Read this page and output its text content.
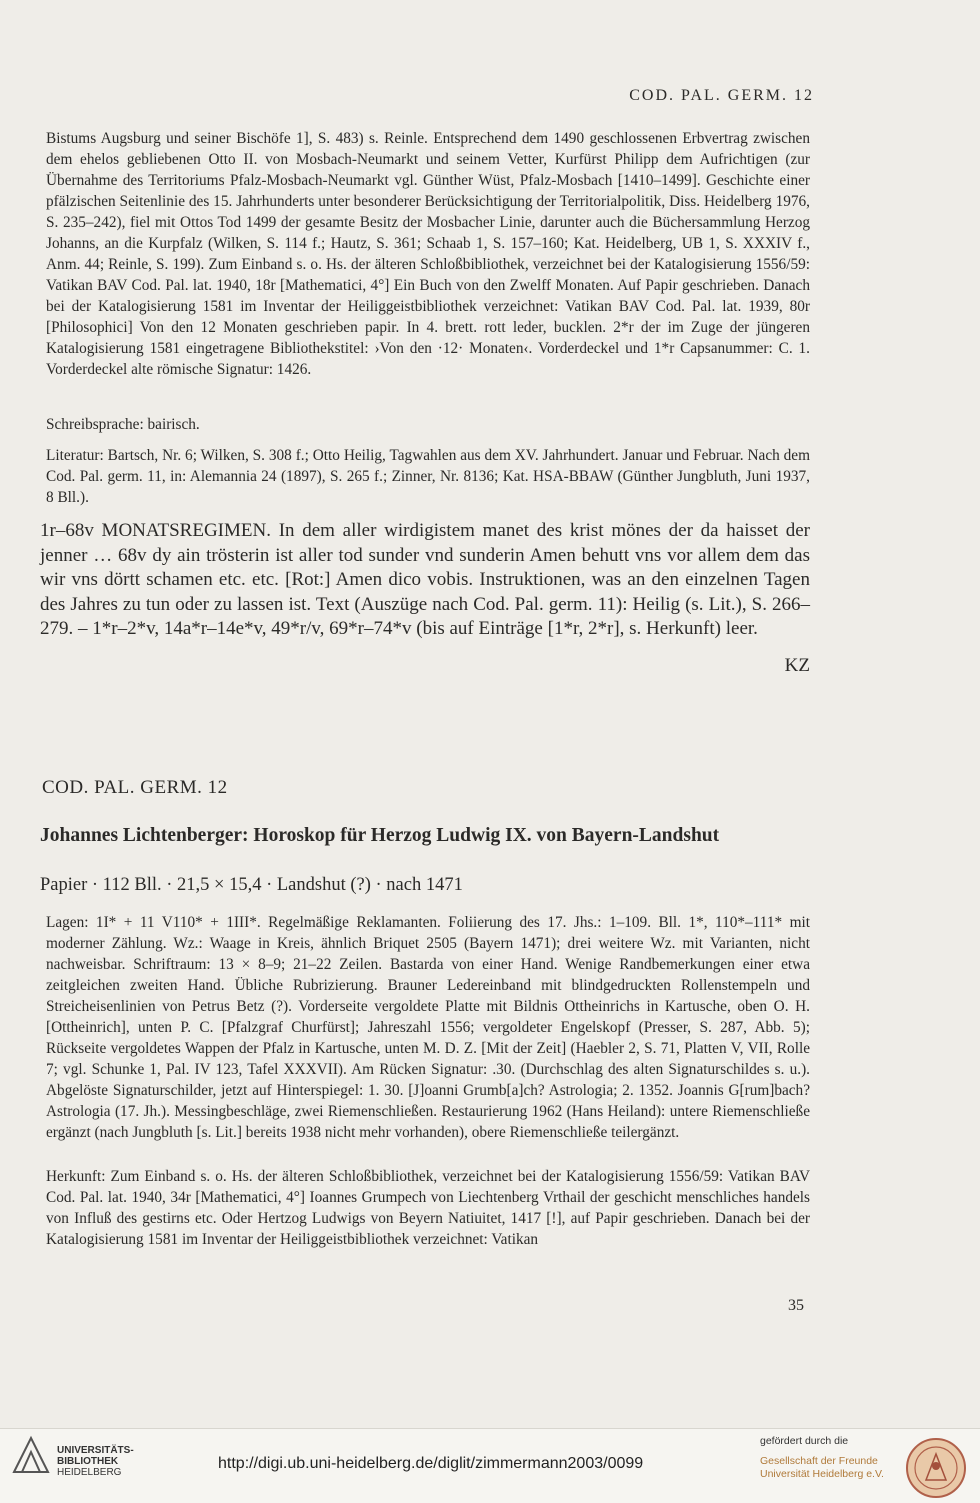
COD. PAL. GERM. 12

Bistums Augsburg und seiner Bischöfe 1], S. 483) s. Reinle. Entsprechend dem 1490 geschlossenen Erbvertrag zwischen dem ehelos gebliebenen Otto II. von Mosbach-Neumarkt und seinem Vetter, Kurfürst Philipp dem Aufrichtigen (zur Übernahme des Territoriums Pfalz-Mosbach-Neumarkt vgl. Günther Wüst, Pfalz-Mosbach [1410–1499]. Geschichte einer pfälzischen Seitenlinie des 15. Jahrhunderts unter besonderer Berücksichtigung der Territorialpolitik, Diss. Heidelberg 1976, S. 235–242), fiel mit Ottos Tod 1499 der gesamte Besitz der Mosbacher Linie, darunter auch die Büchersammlung Herzog Johanns, an die Kurpfalz (Wilken, S. 114 f.; Hautz, S. 361; Schaab 1, S. 157–160; Kat. Heidelberg, UB 1, S. XXXIV f., Anm. 44; Reinle, S. 199). Zum Einband s. o. Hs. der älteren Schloßbibliothek, verzeichnet bei der Katalogisierung 1556/59: Vatikan BAV Cod. Pal. lat. 1940, 18r [Mathematici, 4°] Ein Buch von den Zwelff Monaten. Auf Papir geschrieben. Danach bei der Katalogisierung 1581 im Inventar der Heiliggeistbibliothek verzeichnet: Vatikan BAV Cod. Pal. lat. 1939, 80r [Philosophici] Von den 12 Monaten geschrieben papir. In 4. brett. rott leder, bucklen. 2*r der im Zuge der jüngeren Katalogisierung 1581 eingetragene Bibliothekstitel: ›Von den ·12· Monaten‹. Vorderdeckel und 1*r Capsanummer: C. 1. Vorderdeckel alte römische Signatur: 1426.

Schreibsprache: bairisch.

Literatur: Bartsch, Nr. 6; Wilken, S. 308 f.; Otto Heilig, Tagwahlen aus dem XV. Jahrhundert. Januar und Februar. Nach dem Cod. Pal. germ. 11, in: Alemannia 24 (1897), S. 265 f.; Zinner, Nr. 8136; Kat. HSA-BBAW (Günther Jungbluth, Juni 1937, 8 Bll.).

1r–68v MONATSREGIMEN. In dem aller wirdigistem manet des krist mönes der da haisset der jenner … 68v dy ain trösterin ist aller tod sunder vnd sunderin Amen behutt vns vor allem dem das wir vns dörtt schamen etc. etc. [Rot:] Amen dico vobis. Instruktionen, was an den einzelnen Tagen des Jahres zu tun oder zu lassen ist. Text (Auszüge nach Cod. Pal. germ. 11): Heilig (s. Lit.), S. 266–279. – 1*r–2*v, 14a*r–14e*v, 49*r/v, 69*r–74*v (bis auf Einträge [1*r, 2*r], s. Herkunft) leer.
KZ
COD. PAL. GERM. 12
Johannes Lichtenberger: Horoskop für Herzog Ludwig IX. von Bayern-Landshut
Papier · 112 Bll. · 21,5 × 15,4 · Landshut (?) · nach 1471

Lagen: 1I* + 11 V110* + 1III*. Regelmäßige Reklamanten. Foliierung des 17. Jhs.: 1–109. Bll. 1*, 110*–111* mit moderner Zählung. Wz.: Waage in Kreis, ähnlich Briquet 2505 (Bayern 1471); drei weitere Wz. mit Varianten, nicht nachweisbar. Schriftraum: 13 × 8–9; 21–22 Zeilen. Bastarda von einer Hand. Wenige Randbemerkungen einer etwa zeitgleichen zweiten Hand. Übliche Rubrizierung. Brauner Ledereinband mit blindgedruckten Rollenstempeln und Streicheisenlinien von Petrus Betz (?). Vorderseite vergoldete Platte mit Bildnis Ottheinrichs in Kartusche, oben O. H. [Ottheinrich], unten P. C. [Pfalzgraf Churfürst]; Jahreszahl 1556; vergoldeter Engelskopf (Presser, S. 287, Abb. 5); Rückseite vergoldetes Wappen der Pfalz in Kartusche, unten M. D. Z. [Mit der Zeit] (Haebler 2, S. 71, Platten V, VII, Rolle 7; vgl. Schunke 1, Pal. IV 123, Tafel XXXVII). Am Rücken Signatur: .30. (Durchschlag des alten Signaturschildes s. u.). Abgelöste Signaturschilder, jetzt auf Hinterspiegel: 1. 30. [J]oanni Grumb[a]ch? Astrologia; 2. 1352. Joannis G[rum]bach? Astrologia (17. Jh.). Messingbeschläge, zwei Riemenschließen. Restaurierung 1962 (Hans Heiland): untere Riemenschließe ergänzt (nach Jungbluth [s. Lit.] bereits 1938 nicht mehr vorhanden), obere Riemenschließe teilergänzt.

Herkunft: Zum Einband s. o. Hs. der älteren Schloßbibliothek, verzeichnet bei der Katalogisierung 1556/59: Vatikan BAV Cod. Pal. lat. 1940, 34r [Mathematici, 4°] Ioannes Grumpech von Liechtenberg Vrthail der geschicht menschliches handels von Influß des gestirns etc. Oder Hertzog Ludwigs von Beyern Natiuitet, 1417 [!], auf Papir geschrieben. Danach bei der Katalogisierung 1581 im Inventar der Heiliggeistbibliothek verzeichnet: Vatikan

35
UNIVERSITÄTS-
BIBLIOTHEK
HEIDELBERG
http://digi.ub.uni-heidelberg.de/diglit/zimmermann2003/0099
gefördert durch die
Gesellschaft der Freunde
Universität Heidelberg e.V.
